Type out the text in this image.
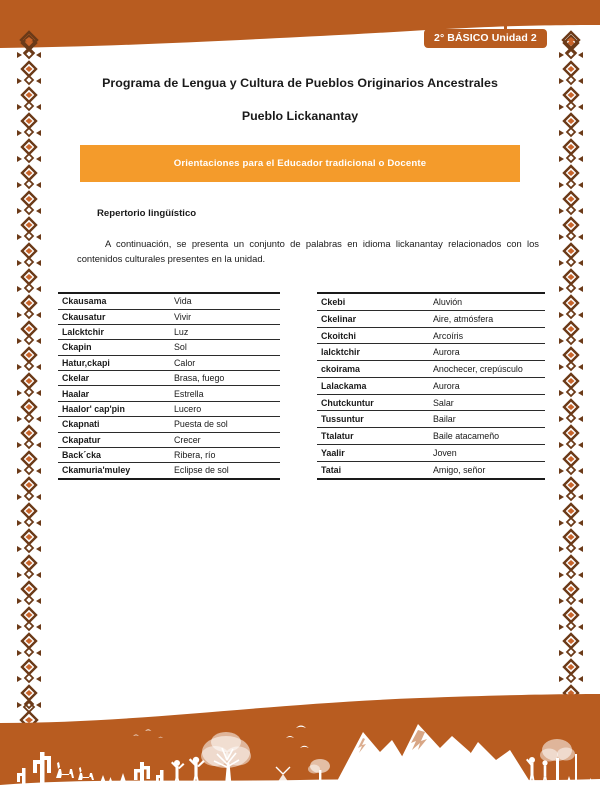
2° BÁSICO Unidad 2
Programa de Lengua y Cultura de Pueblos Originarios Ancestrales
Pueblo Lickanantay
Orientaciones para el Educador tradicional o Docente
Repertorio lingüístico

A continuación, se presenta un conjunto de palabras en idioma lickanantay relacionados con los contenidos culturales presentes en la unidad.

Ckausama	Vida
Ckausatur	Vivir
Lalcktchir	Luz
Ckapin	Sol
Hatur,ckapi	Calor
Ckelar	Brasa, fuego
Haalar	Estrella
Haalor' cap'pin	Lucero
Ckapnati	Puesta de sol
Ckapatur	Crecer
Back´cka	Ribera, río
Ckamuria'muley	Eclipse de sol
Ckebi	Aluvión
Ckelinar	Aire, atmósfera
Ckoitchi	Arcoíris
lalcktchir	Aurora
ckoirama	Anochecer, crepúsculo
Lalackama	Aurora
Chutckuntur	Salar
Tussuntur	Bailar
Ttalatur	Baile atacameño
Yaalir	Joven
Tatai	Amigo, señor
